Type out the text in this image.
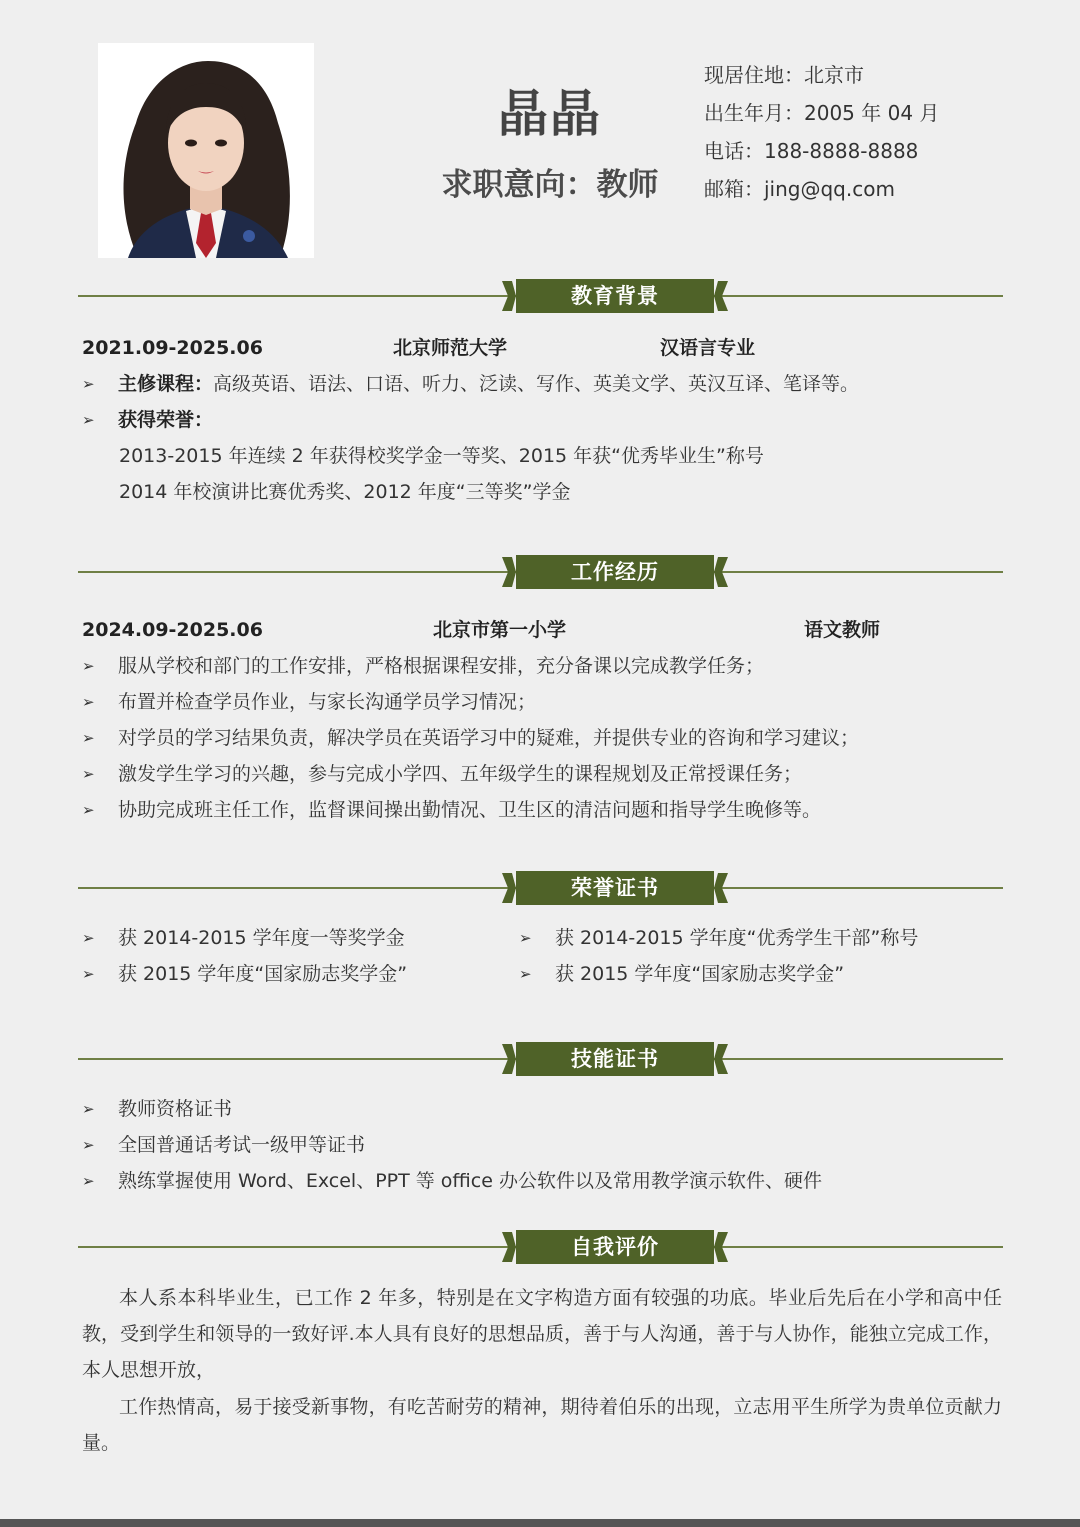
晶晶
求职意向：教师
现居住地：北京市
出生年月：2005 年 04 月
电话：188-8888-8888
邮箱：jing@qq.com
教育背景
2021.09-2025.06	北京师范大学	汉语言专业
➢ 主修课程：高级英语、语法、口语、听力、泛读、写作、英美文学、英汉互译、笔译等。
➢ 获得荣誉：
2013-2015 年连续 2 年获得校奖学金一等奖、2015 年获“优秀毕业生”称号
2014 年校演讲比赛优秀奖、2012 年度“三等奖”学金
工作经历
2024.09-2025.06	北京市第一小学	语文教师
➢ 服从学校和部门的工作安排，严格根据课程安排，充分备课以完成教学任务；
➢ 布置并检查学员作业，与家长沟通学员学习情况；
➢ 对学员的学习结果负责，解决学员在英语学习中的疑难，并提供专业的咨询和学习建议；
➢ 激发学生学习的兴趣，参与完成小学四、五年级学生的课程规划及正常授课任务；
➢ 协助完成班主任工作，监督课间操出勤情况、卫生区的清洁问题和指导学生晚修等。
荣誉证书
➢ 获 2014-2015 学年度一等奖学金	➢ 获 2014-2015 学年度“优秀学生干部”称号
➢ 获 2015 学年度“国家励志奖学金”	➢ 获 2015 学年度“国家励志奖学金”
技能证书
➢ 教师资格证书
➢ 全国普通话考试一级甲等证书
➢ 熟练掌握使用 Word、Excel、PPT 等 office 办公软件以及常用教学演示软件、硬件
自我评价
本人系本科毕业生，已工作 2 年多，特别是在文字构造方面有较强的功底。毕业后先后在小学和高中任教，受到学生和领导的一致好评.本人具有良好的思想品质，善于与人沟通，善于与人协作，能独立完成工作，本人思想开放，
工作热情高，易于接受新事物，有吃苦耐劳的精神，期待着伯乐的出现，立志用平生所学为贵单位贡献力量。
